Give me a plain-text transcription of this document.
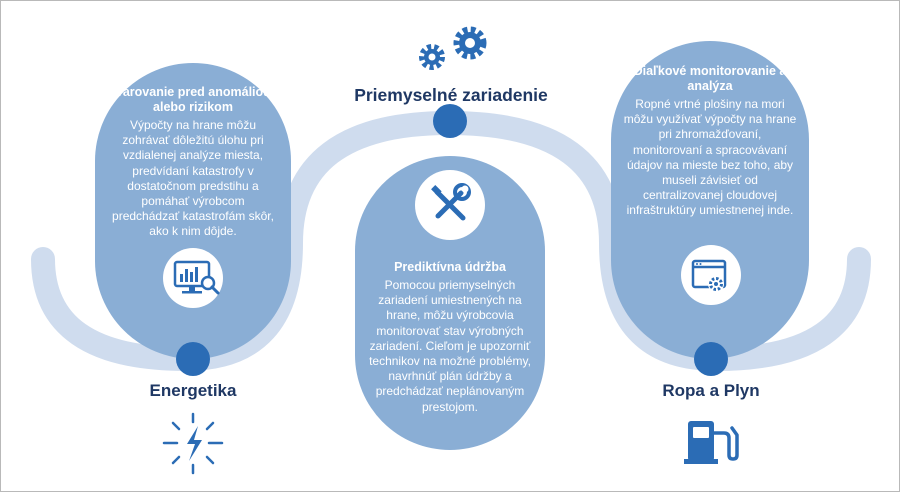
Priemyselné zariadenie
Varovanie pred anomáliou alebo rizikom
Výpočty na hrane môžu zohrávať dôležitú úlohu pri vzdialenej analýze miesta, predvídaní katastrofy v dostatočnom predstihu a pomáhať výrobcom predchádzať katastrofám skôr, ako k nim dôjde.
Prediktívna údržba
Pomocou priemyselných zariadení umiestnených na hrane, môžu výrobcovia monitorovať stav výrobných zariadení. Cieľom je upozorniť technikov na možné problémy, navrhnúť plán údržby a predchádzať neplánovaným prestojom.
Diaľkové monitorovanie a analýza
Ropné vrtné plošiny na mori môžu využívať výpočty na hrane pri zhromažďovaní, monitorovaní a spracovávaní údajov na mieste bez toho, aby museli závisieť od centralizovanej cloudovej infraštruktúry umiestnenej inde.
Energetika	Ropa a Plyn
